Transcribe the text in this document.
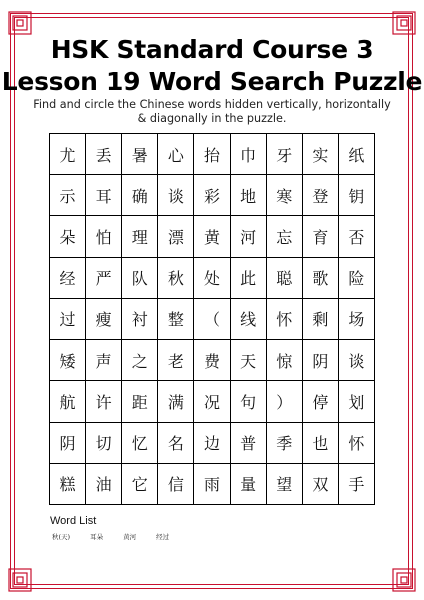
HSK Standard Course 3
Lesson 19 Word Search Puzzle
Find and circle the Chinese words hidden vertically, horizontally & diagonally in the puzzle.
尤	丢	暑	心	抬	巾	牙	实	纸
示	耳	确	谈	彩	地	寒	登	钥
朵	怕	理	漂	黄	河	忘	育	否
经	严	队	秋	处	此	聪	歌	险
过	瘦	衬	整	（	线	怀	剩	场
矮	声	之	老	费	天	惊	阴	谈
航	许	距	满	况	句	）	停	划
阴	切	忆	名	边	普	季	也	怀
糕	油	它	信	雨	量	望	双	手
Word List
秋(天)	耳朵	黄河	经过
